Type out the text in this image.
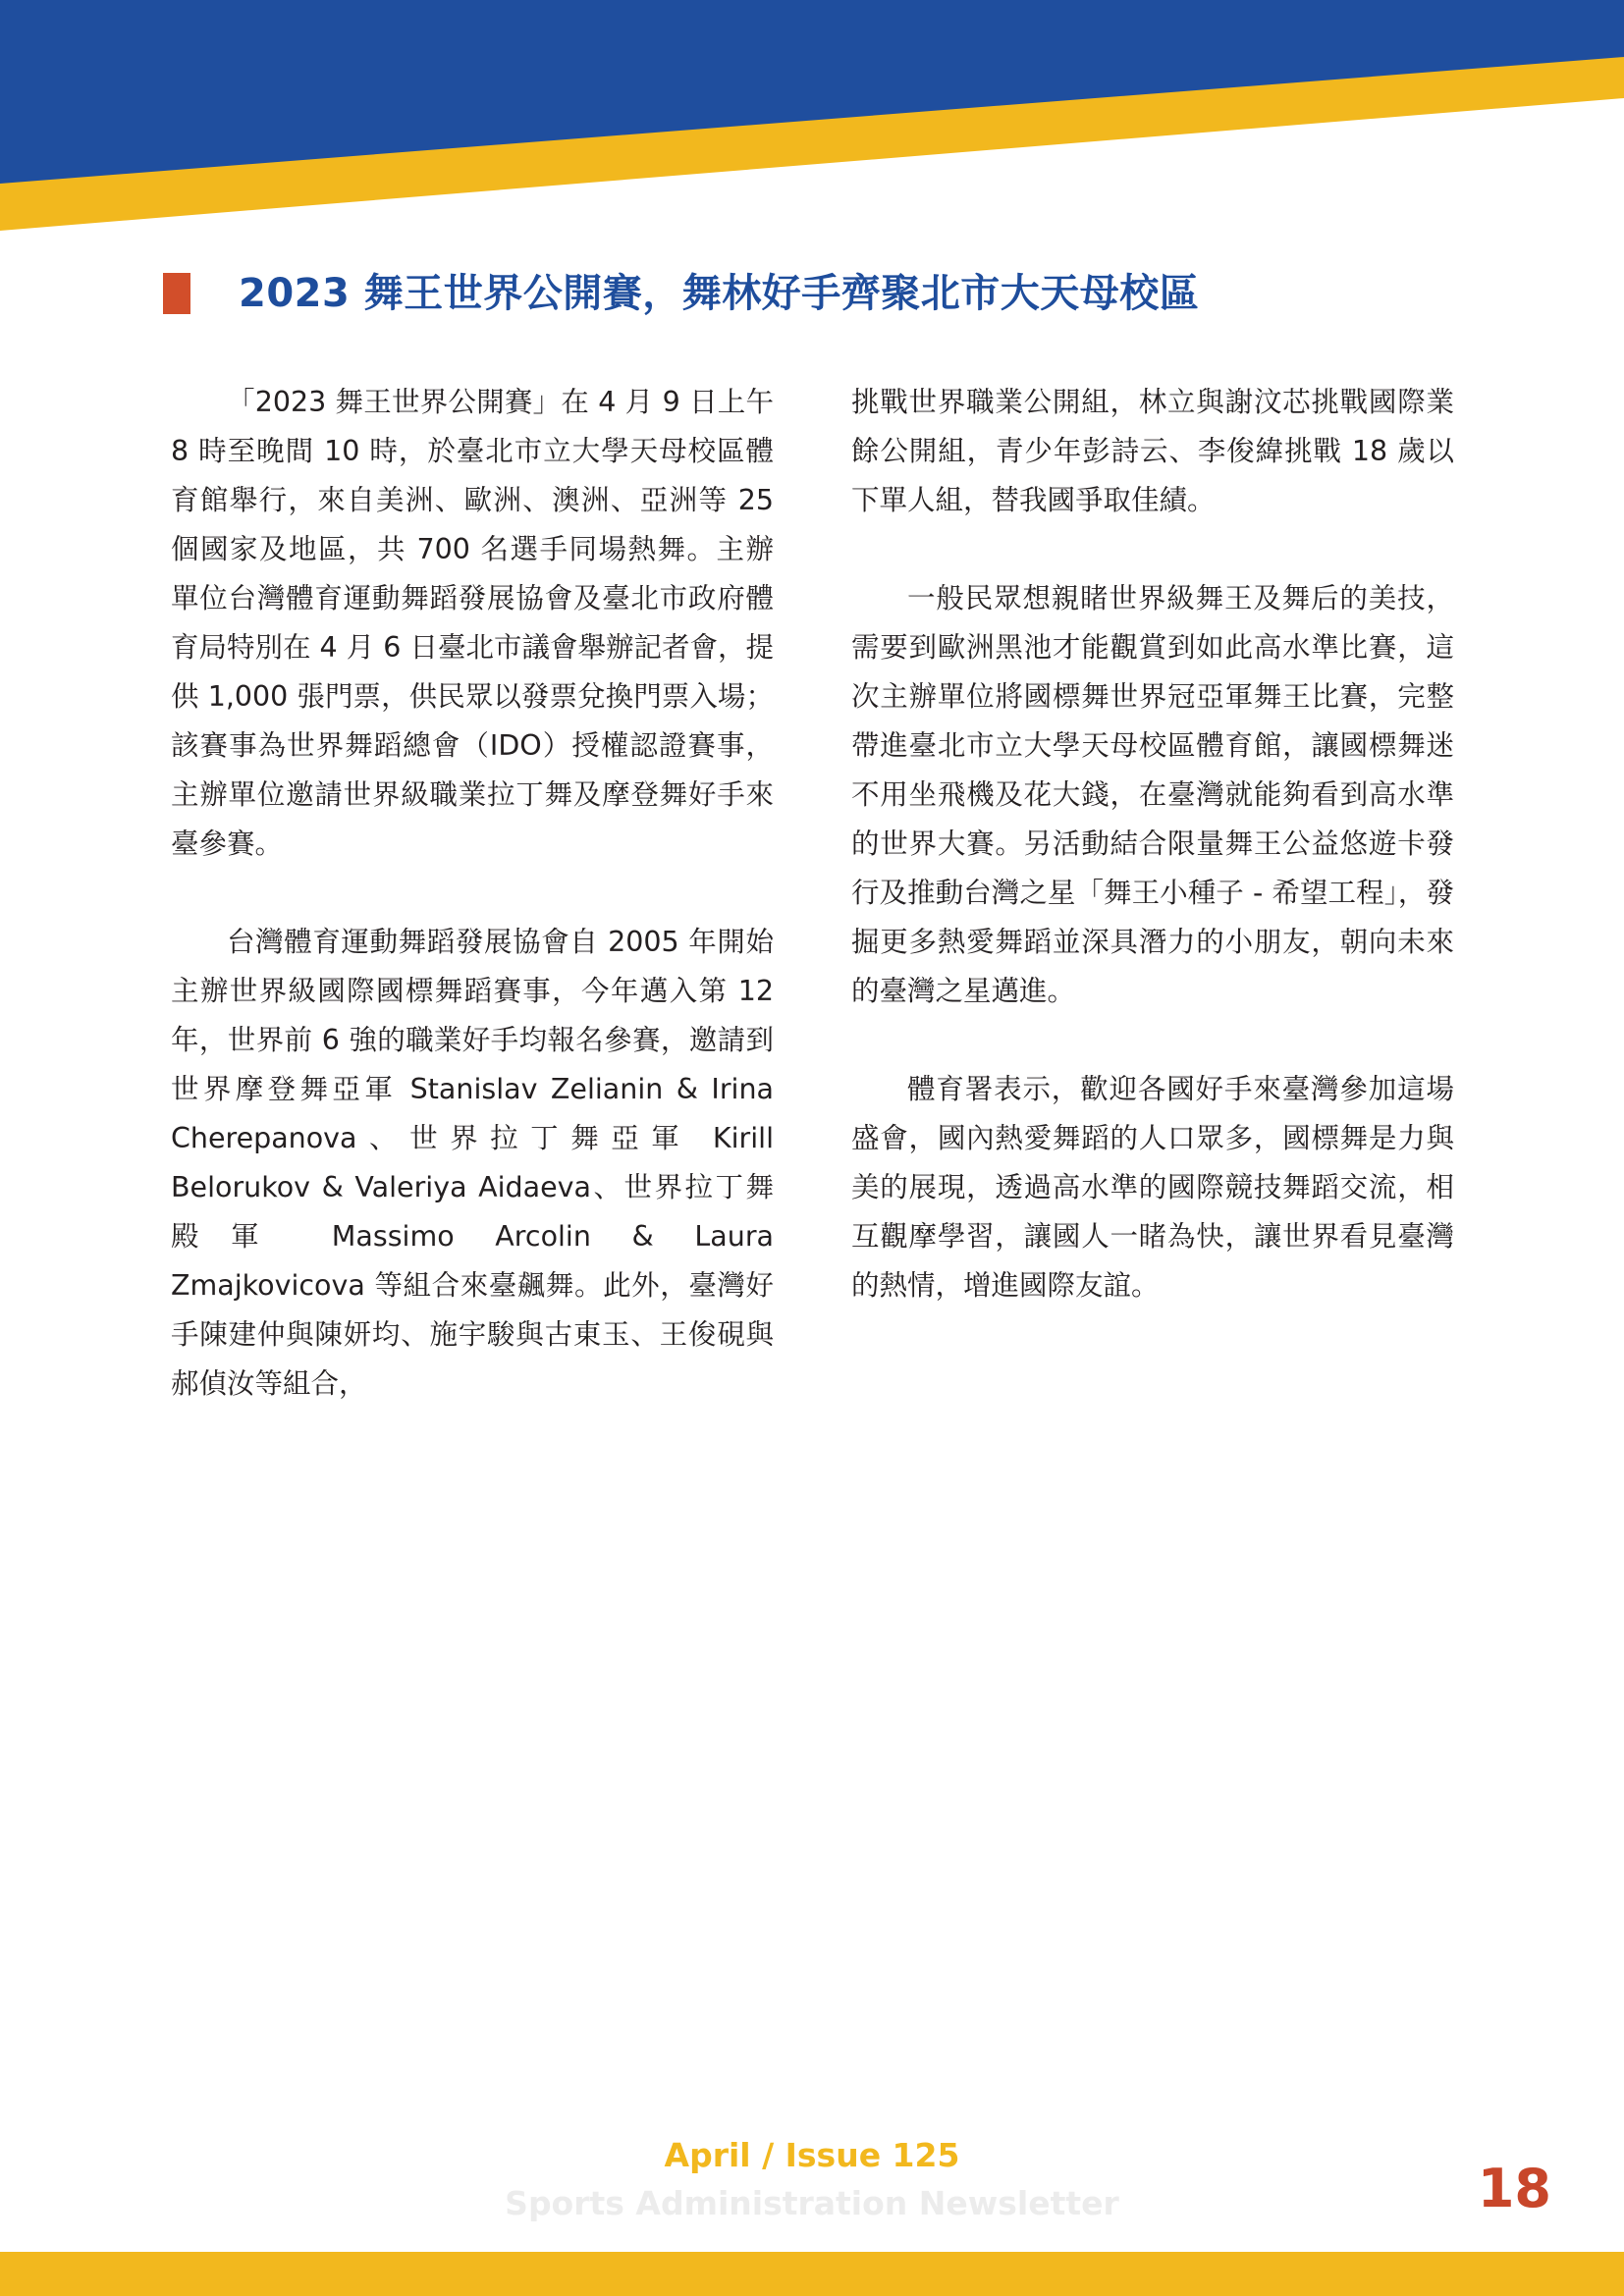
2023 舞王世界公開賽，舞林好手齊聚北市大天母校區

「2023 舞王世界公開賽」在 4 月 9 日上午 8 時至晚間 10 時，於臺北市立大學天母校區體育館舉行，來自美洲、歐洲、澳洲、亞洲等 25 個國家及地區，共 700 名選手同場熱舞。主辦單位台灣體育運動舞蹈發展協會及臺北市政府體育局特別在 4 月 6 日臺北市議會舉辦記者會，提供 1,000 張門票，供民眾以發票兌換門票入場；該賽事為世界舞蹈總會（IDO）授權認證賽事，主辦單位邀請世界級職業拉丁舞及摩登舞好手來臺參賽。

台灣體育運動舞蹈發展協會自 2005 年開始主辦世界級國際國標舞蹈賽事，今年邁入第 12 年，世界前 6 強的職業好手均報名參賽，邀請到世界摩登舞亞軍 Stanislav Zelianin & Irina Cherepanova、世界拉丁舞亞軍 Kirill Belorukov & Valeriya Aidaeva、世界拉丁舞殿軍 Massimo Arcolin & Laura Zmajkovicova 等組合來臺飆舞。此外，臺灣好手陳建仲與陳妍均、施宇駿與古東玉、王俊硯與郝偵汝等組合，

挑戰世界職業公開組，林立與謝汶芯挑戰國際業餘公開組，青少年彭詩云、李俊緯挑戰 18 歲以下單人組，替我國爭取佳績。

一般民眾想親睹世界級舞王及舞后的美技，需要到歐洲黑池才能觀賞到如此高水準比賽，這次主辦單位將國標舞世界冠亞軍舞王比賽，完整帶進臺北市立大學天母校區體育館，讓國標舞迷不用坐飛機及花大錢，在臺灣就能夠看到高水準的世界大賽。另活動結合限量舞王公益悠遊卡發行及推動台灣之星「舞王小種子 - 希望工程」，發掘更多熱愛舞蹈並深具潛力的小朋友，朝向未來的臺灣之星邁進。

體育署表示，歡迎各國好手來臺灣參加這場盛會，國內熱愛舞蹈的人口眾多，國標舞是力與美的展現，透過高水準的國際競技舞蹈交流，相互觀摩學習，讓國人一睹為快，讓世界看見臺灣的熱情，增進國際友誼。

April / Issue 125
Sports Administration Newsletter	18
